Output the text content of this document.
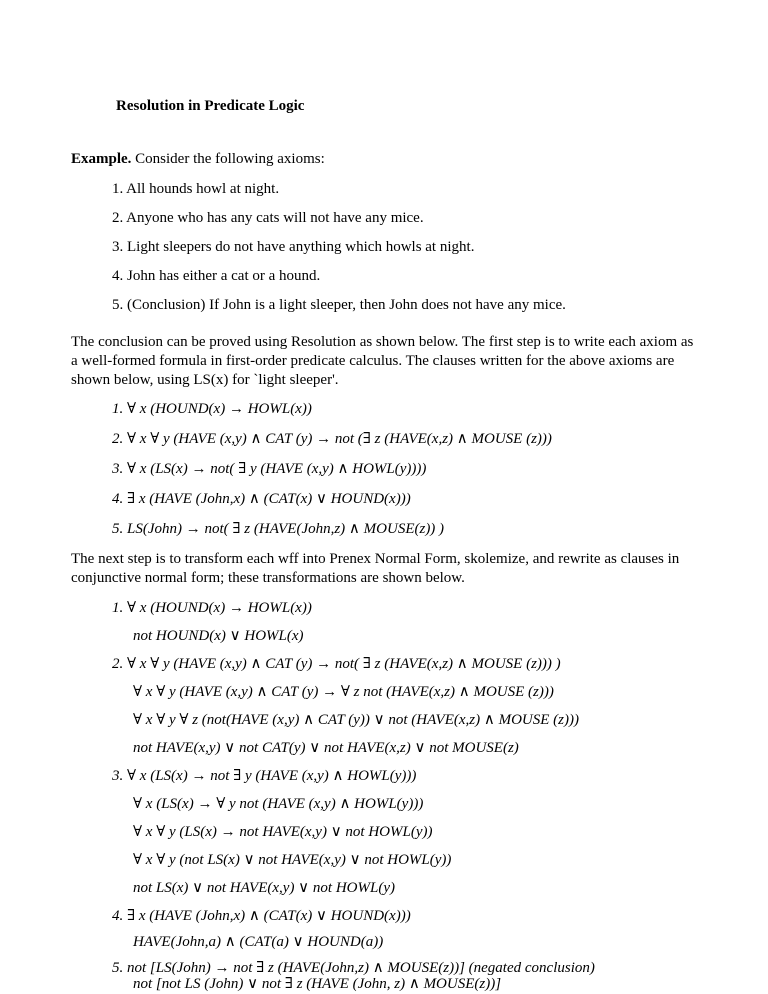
Resolution in Predicate Logic
Example. Consider the following axioms:
1. All hounds howl at night.
2. Anyone who has any cats will not have any mice.
3. Light sleepers do not have anything which howls at night.
4. John has either a cat or a hound.
5. (Conclusion) If John is a light sleeper, then John does not have any mice.
The conclusion can be proved using Resolution as shown below. The first step is to write each axiom as a well-formed formula in first-order predicate calculus. The clauses written for the above axioms are shown below, using LS(x) for `light sleeper'.
1. ∀ x (HOUND(x) → HOWL(x))
2. ∀ x ∀ y (HAVE (x,y) ∧ CAT (y) → not (∃ z (HAVE(x,z) ∧ MOUSE (z)))
3. ∀ x (LS(x) → not( ∃ y (HAVE (x,y) ∧ HOWL(y))))
4. ∃ x (HAVE (John,x) ∧ (CAT(x) ∨ HOUND(x)))
5. LS(John) → not( ∃ z (HAVE(John,z) ∧ MOUSE(z)) )
The next step is to transform each wff into Prenex Normal Form, skolemize, and rewrite as clauses in conjunctive normal form; these transformations are shown below.
1. ∀ x (HOUND(x) → HOWL(x))
not HOUND(x) ∨ HOWL(x)
2. ∀ x ∀ y (HAVE (x,y) ∧ CAT (y) → not( ∃ z (HAVE(x,z) ∧ MOUSE (z))) )
∀ x ∀ y (HAVE (x,y) ∧ CAT (y) → ∀ z not (HAVE(x,z) ∧ MOUSE (z)))
∀ x ∀ y ∀ z (not(HAVE (x,y) ∧ CAT (y)) ∨ not (HAVE(x,z) ∧ MOUSE (z)))
not HAVE(x,y) ∨ not CAT(y) ∨ not HAVE(x,z) ∨ not MOUSE(z)
3. ∀ x (LS(x) → not ∃ y (HAVE (x,y) ∧ HOWL(y)))
∀ x (LS(x) → ∀ y not (HAVE (x,y) ∧ HOWL(y)))
∀ x ∀ y (LS(x) → not HAVE(x,y) ∨ not HOWL(y))
∀ x ∀ y (not LS(x) ∨ not HAVE(x,y) ∨ not HOWL(y))
not LS(x) ∨ not HAVE(x,y) ∨ not HOWL(y)
4. ∃ x (HAVE (John,x) ∧ (CAT(x) ∨ HOUND(x)))
HAVE(John,a) ∧ (CAT(a) ∨ HOUND(a))
5. not [LS(John) → not ∃ z (HAVE(John,z) ∧ MOUSE(z))] (negated conclusion)
not [not LS (John) ∨ not ∃ z (HAVE (John, z) ∧ MOUSE(z))]
